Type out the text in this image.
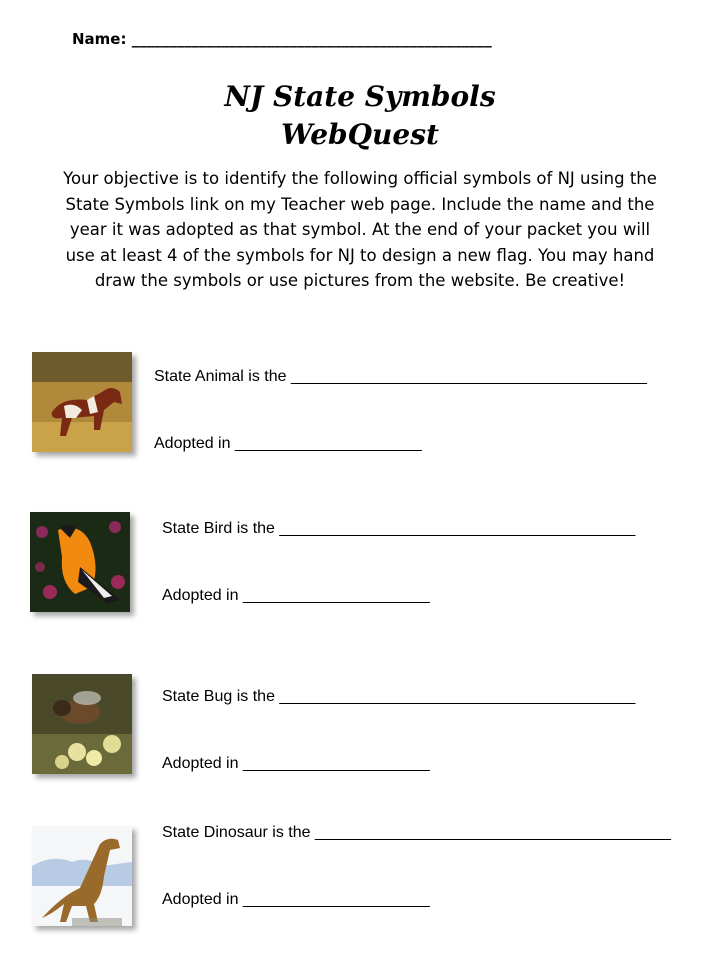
Name: ________________________________________________
NJ State Symbols
WebQuest
Your objective is to identify the following official symbols of NJ using the State Symbols link on my Teacher web page. Include the name and the year it was adopted as that symbol. At the end of your packet you will use at least 4 of the symbols for NJ to design a new flag. You may hand draw the symbols or use pictures from the website. Be creative!
State Animal is the ________________________________________
Adopted in _____________________
State Bird is the ________________________________________
Adopted in _____________________
State Bug is the ________________________________________
Adopted in _____________________
State Dinosaur is the ________________________________________
Adopted in _____________________
